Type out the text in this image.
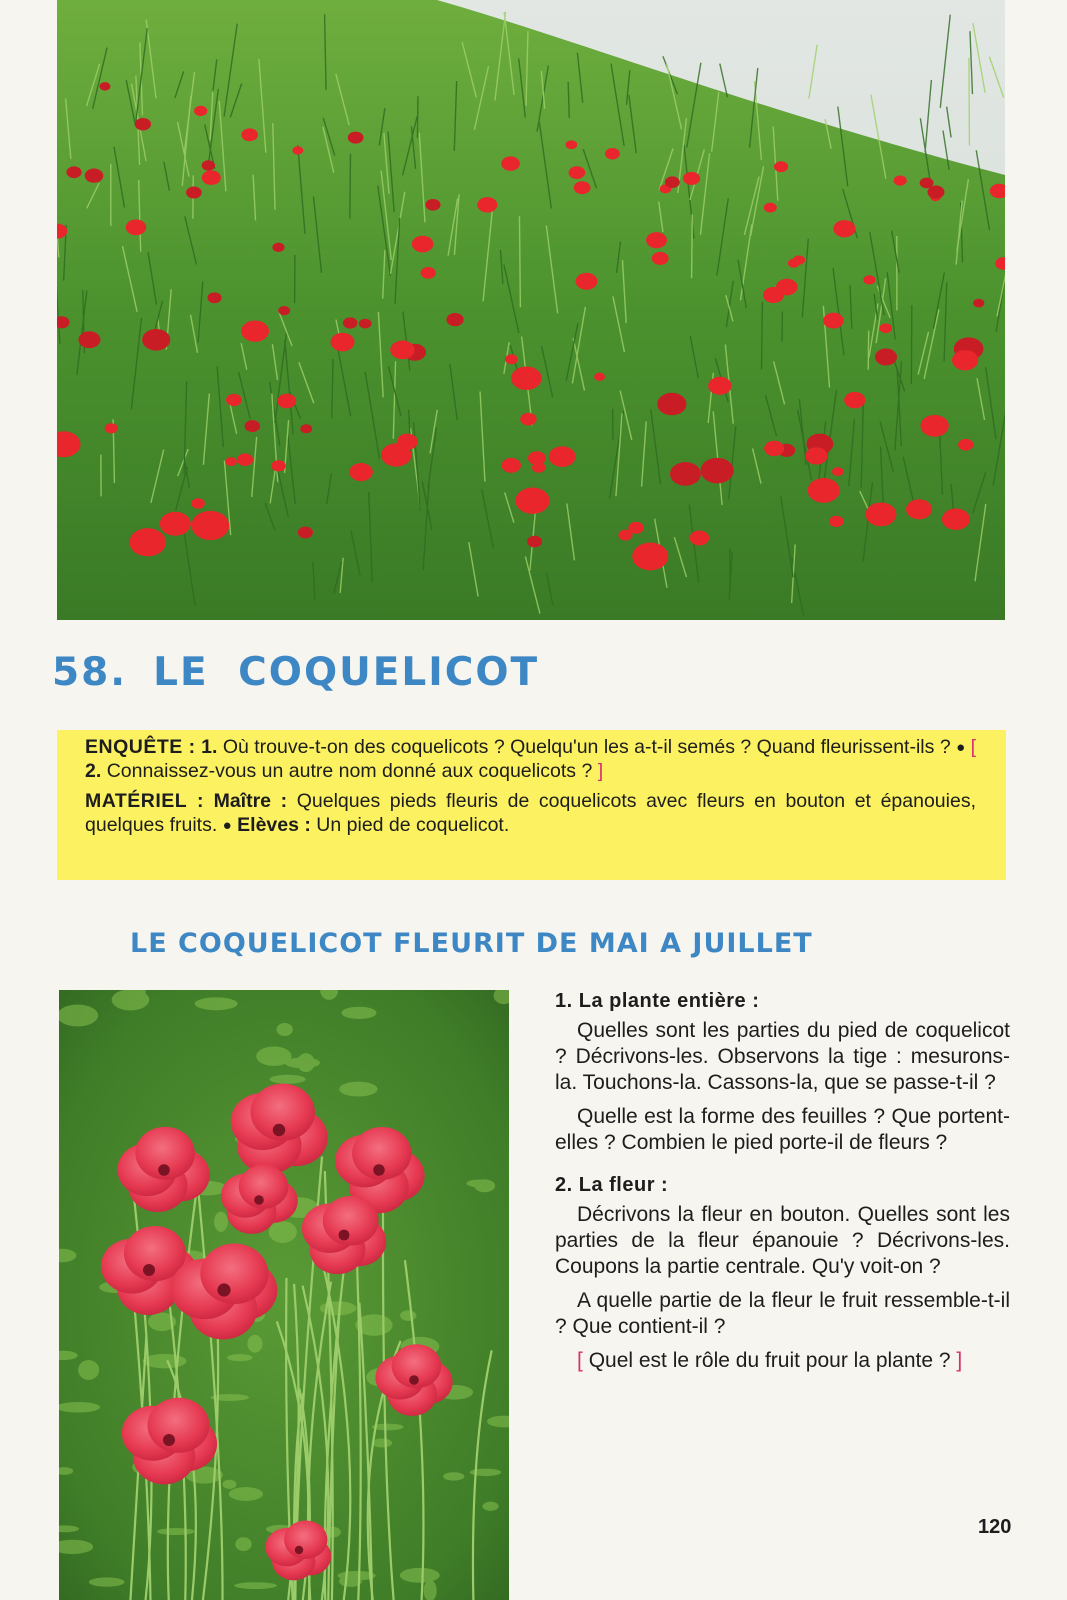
58. LE COQUELICOT

ENQUÊTE : 1. Où trouve-t-on des coquelicots ? Quelqu'un les a-t-il semés ? Quand fleurissent-ils ? ● [ 2. Connaissez-vous un autre nom donné aux coquelicots ? ]

MATÉRIEL : Maître : Quelques pieds fleuris de coquelicots avec fleurs en bouton et épanouies, quelques fruits. ● Elèves : Un pied de coquelicot.

LE COQUELICOT FLEURIT DE MAI A JUILLET
1. La plante entière :

Quelles sont les parties du pied de coquelicot ? Décrivons-les. Observons la tige : mesurons-la. Touchons-la. Cassons-la, que se passe-t-il ?

Quelle est la forme des feuilles ? Que portent-elles ? Combien le pied porte-il de fleurs ?

2. La fleur :

Décrivons la fleur en bouton. Quelles sont les parties de la fleur épanouie ? Décrivons-les. Coupons la partie centrale. Qu'y voit-on ?

A quelle partie de la fleur le fruit ressemble-t-il ? Que contient-il ?

[ Quel est le rôle du fruit pour la plante ? ]

120
